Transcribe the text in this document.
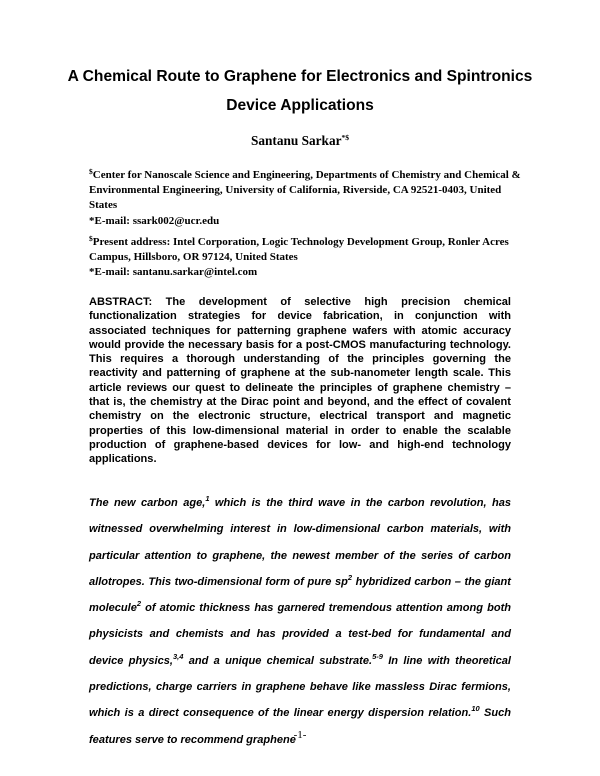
A Chemical Route to Graphene for Electronics and Spintronics Device Applications
Santanu Sarkar*$
$Center for Nanoscale Science and Engineering, Departments of Chemistry and Chemical & Environmental Engineering, University of California, Riverside, CA 92521-0403, United States
*E-mail: ssark002@ucr.edu
$Present address: Intel Corporation, Logic Technology Development Group, Ronler Acres Campus, Hillsboro, OR 97124, United States
*E-mail: santanu.sarkar@intel.com

ABSTRACT: The development of selective high precision chemical functionalization strategies for device fabrication, in conjunction with associated techniques for patterning graphene wafers with atomic accuracy would provide the necessary basis for a post-CMOS manufacturing technology. This requires a thorough understanding of the principles governing the reactivity and patterning of graphene at the sub-nanometer length scale. This article reviews our quest to delineate the principles of graphene chemistry – that is, the chemistry at the Dirac point and beyond, and the effect of covalent chemistry on the electronic structure, electrical transport and magnetic properties of this low-dimensional material in order to enable the scalable production of graphene-based devices for low- and high-end technology applications.

The new carbon age,$^1$ which is the third wave in the carbon revolution, has witnessed overwhelming interest in low-dimensional carbon materials, with particular attention to graphene, the newest member of the series of carbon allotropes. This two-dimensional form of pure $sp^2$ hybridized carbon – the giant molecule$^2$ of atomic thickness has garnered tremendous attention among both physicists and chemists and has provided a test-bed for fundamental and device physics,$^{3,4}$ and a unique chemical substrate.$^{5-9}$ In line with theoretical predictions, charge carriers in graphene behave like massless Dirac fermions, which is a direct consequence of the linear energy dispersion relation.$^{10}$ Such features serve to recommend graphene

-1-
